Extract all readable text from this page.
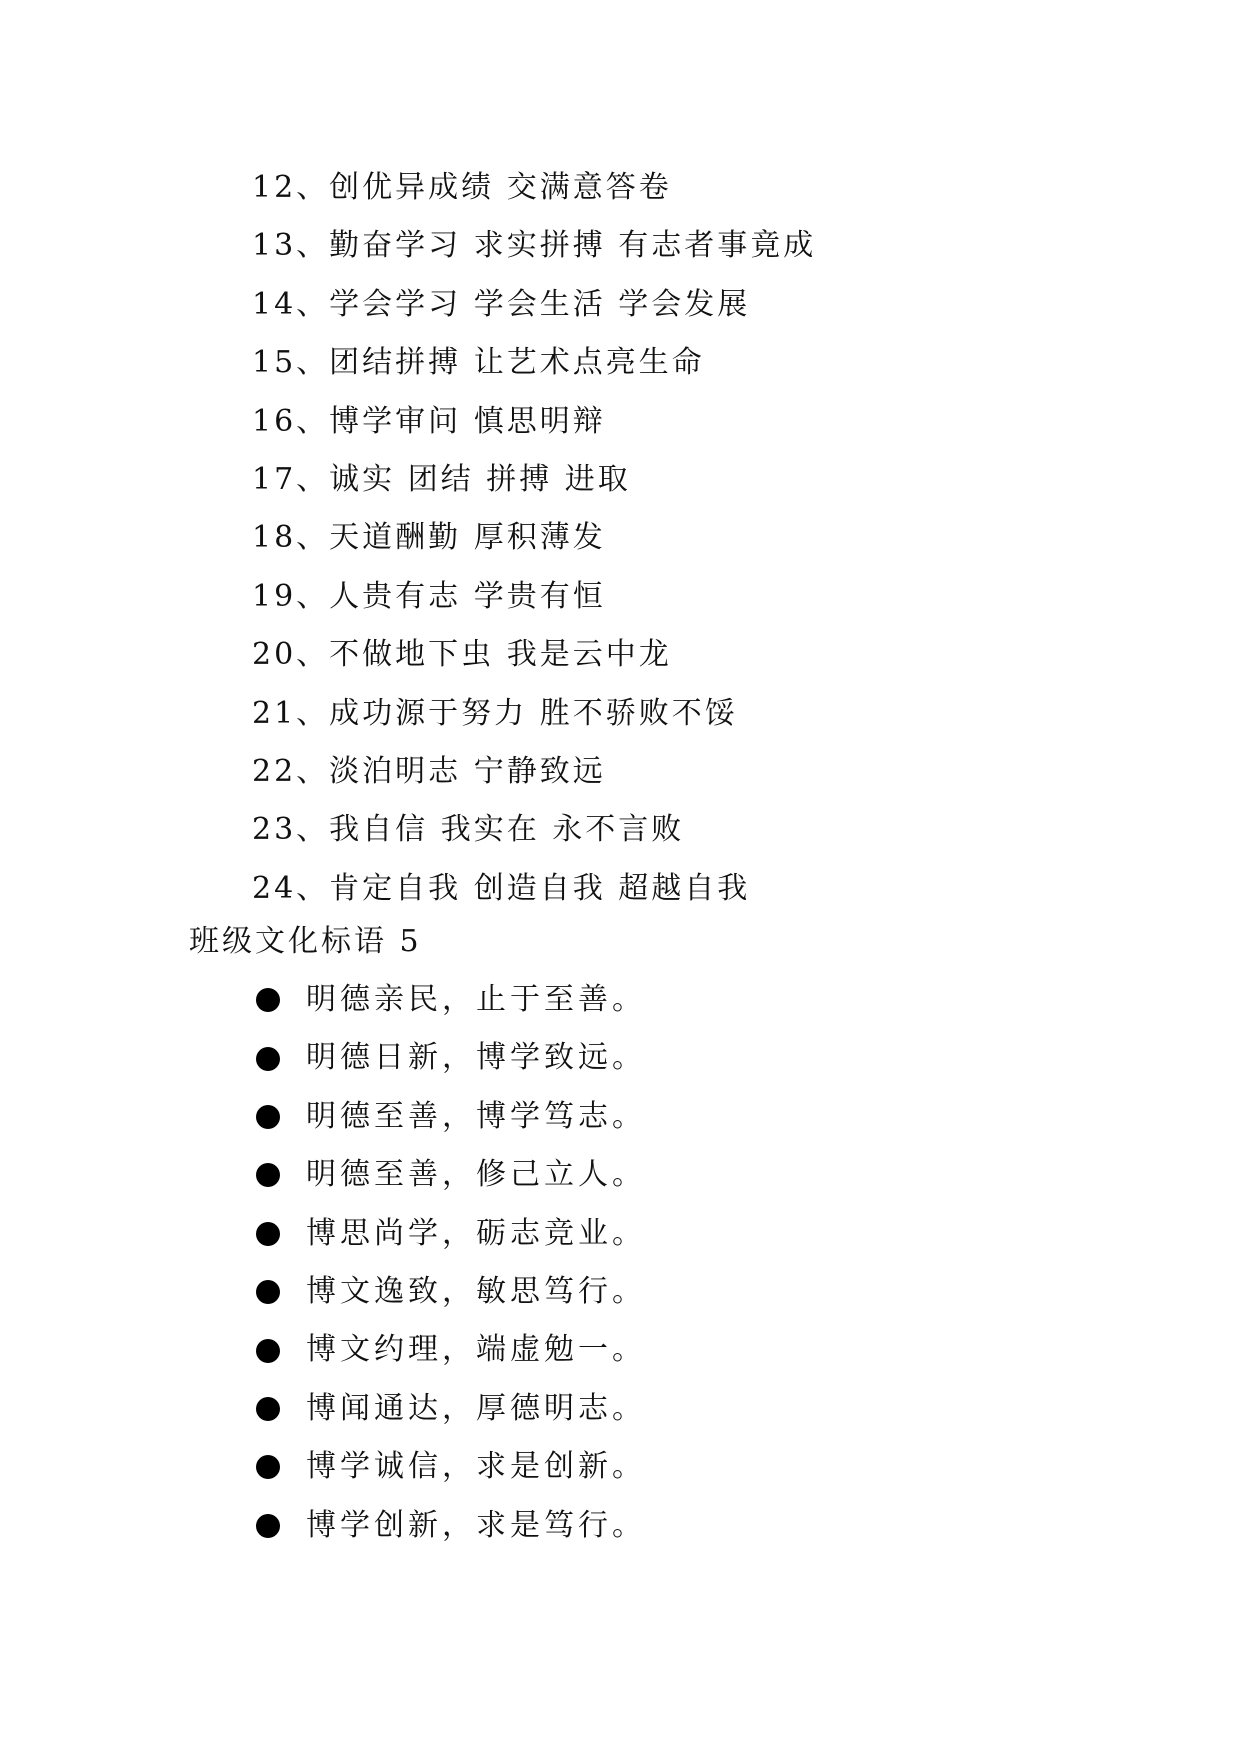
12、创优异成绩 交满意答卷
13、勤奋学习 求实拼搏 有志者事竟成
14、学会学习 学会生活 学会发展
15、团结拼搏 让艺术点亮生命
16、博学审问 慎思明辩
17、诚实 团结 拼搏 进取
18、天道酬勤 厚积薄发
19、人贵有志 学贵有恒
20、不做地下虫 我是云中龙
21、成功源于努力 胜不骄败不馁
22、淡泊明志 宁静致远
23、我自信 我实在 永不言败
24、肯定自我 创造自我 超越自我
班级文化标语 5
明德亲民，止于至善。
明德日新，博学致远。
明德至善，博学笃志。
明德至善，修己立人。
博思尚学，砺志竞业。
博文逸致，敏思笃行。
博文约理，端虚勉一。
博闻通达，厚德明志。
博学诚信，求是创新。
博学创新，求是笃行。
